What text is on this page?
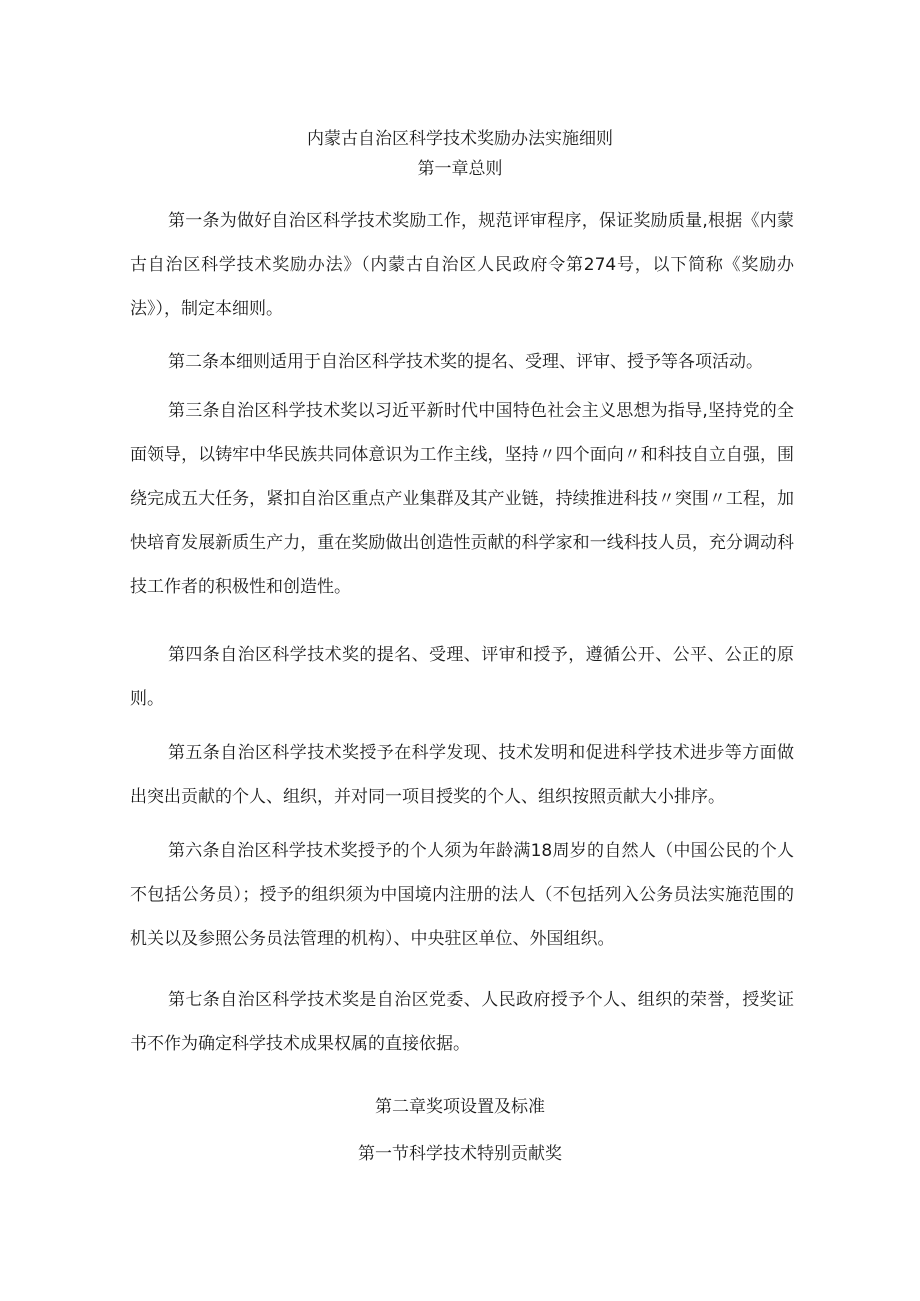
内蒙古自治区科学技术奖励办法实施细则
第一章总则

第一条为做好自治区科学技术奖励工作，规范评审程序，保证奖励质量,根据《内蒙古自治区科学技术奖励办法》（内蒙古自治区人民政府令第274号，以下简称《奖励办法》），制定本细则。

第二条本细则适用于自治区科学技术奖的提名、受理、评审、授予等各项活动。

第三条自治区科学技术奖以习近平新时代中国特色社会主义思想为指导,坚持党的全面领导，以铸牢中华民族共同体意识为工作主线，坚持〃四个面向〃和科技自立自强，围绕完成五大任务，紧扣自治区重点产业集群及其产业链，持续推进科技〃突围〃工程，加快培育发展新质生产力，重在奖励做出创造性贡献的科学家和一线科技人员，充分调动科技工作者的积极性和创造性。

第四条自治区科学技术奖的提名、受理、评审和授予，遵循公开、公平、公正的原则。

第五条自治区科学技术奖授予在科学发现、技术发明和促进科学技术进步等方面做出突出贡献的个人、组织，并对同一项目授奖的个人、组织按照贡献大小排序。

第六条自治区科学技术奖授予的个人须为年龄满18周岁的自然人（中国公民的个人不包括公务员）；授予的组织须为中国境内注册的法人（不包括列入公务员法实施范围的机关以及参照公务员法管理的机构）、中央驻区单位、外国组织。

第七条自治区科学技术奖是自治区党委、人民政府授予个人、组织的荣誉，授奖证书不作为确定科学技术成果权属的直接依据。

第二章奖项设置及标准
第一节科学技术特别贡献奖
